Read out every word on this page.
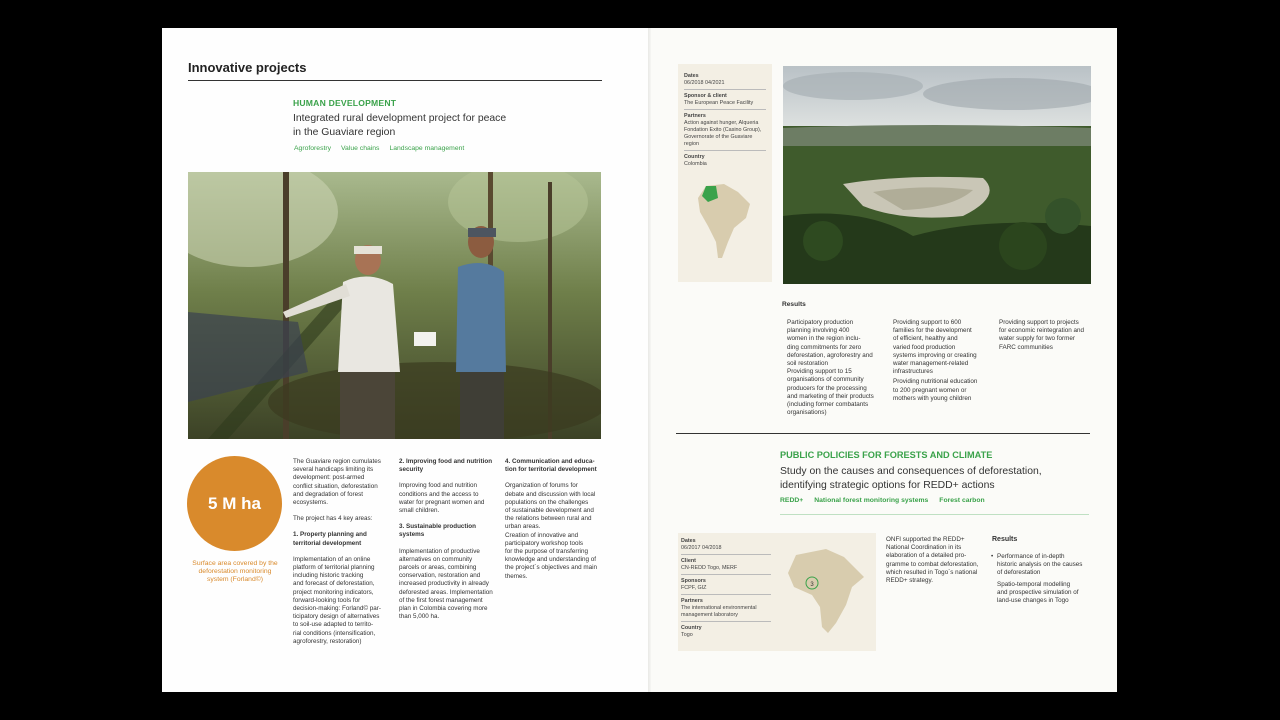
Innovative projects
HUMAN DEVELOPMENT
Integrated rural development project for peace
in the Guaviare region
Agroforestry Value chains Landscape management
5 M ha
Surface area covered by the
deforestation monitoring
system (Forland©)
The Guaviare region cumulates
several handicaps limiting its
development: post-armed
conflict situation, deforestation
and degradation of forest
ecosystems.
The project has 4 key areas:
1. Property planning and
territorial development
Implementation of an online
platform of territorial planning
including historic tracking
and forecast of deforestation,
project monitoring indicators,
forward-looking tools for
decision-making: Forland© par-
ticipatory design of alternatives
to soil-use adapted to territo-
rial conditions (intensification,
agroforestry, restoration)
2. Improving food and nutrition
security
Improving food and nutrition
conditions and the access to
water for pregnant women and
small children.
3. Sustainable production
systems
Implementation of productive
alternatives on community
parcels or areas, combining
conservation, restoration and
increased productivity in already
deforested areas. Implementation
of the first forest management
plan in Colombia covering more
than 5,000 ha.
4. Communication and educa-
tion for territorial development
Organization of forums for
debate and discussion with local
populations on the challenges
of sustainable development and
the relations between rural and
urban areas.
Creation of innovative and
participatory workshop tools
for the purpose of transferring
knowledge and understanding of
the project´s objectives and main
themes.
Dates
06/2018 04/2021
Sponsor & client
The European Peace Facility
Partners
Action against hunger, Alqueria
Fondation Exito (Casino Group),
Governorate of the Guaviare
region
Country
Colombia
Results
Participatory production
planning involving 400
women in the region inclu-
ding commitments for zero
deforestation, agroforestry and
soil restoration
Providing support to 15
organisations of community
producers for the processing
and marketing of their products
(including former combatants
organisations)
Providing support to 600
families for the development
of efficient, healthy and
varied food production
systems improving or creating
water management-related
infrastructures
Providing nutritional education
to 200 pregnant women or
mothers with young children
Providing support to projects
for economic reintegration and
water supply for two former
FARC communities
PUBLIC POLICIES FOR FORESTS AND CLIMATE
Study on the causes and consequences of deforestation,
identifying strategic options for REDD+ actions
REDD+ National forest monitoring systems Forest carbon
Dates
06/2017 04/2018
Client
CN-REDD Togo, MERF
Sponsors
FCPF, GIZ
Partners
The international environmental
management laboratory
Country
Togo
3
ONFI supported the REDD+
National Coordination in its
elaboration of a detailed pro-
gramme to combat deforestation,
which resulted in Togo´s national
REDD+ strategy.
Results
• Performance of in-depth
historic analysis on the causes
of deforestation
Spatio-temporal modelling
and prospective simulation of
land-use changes in Togo
